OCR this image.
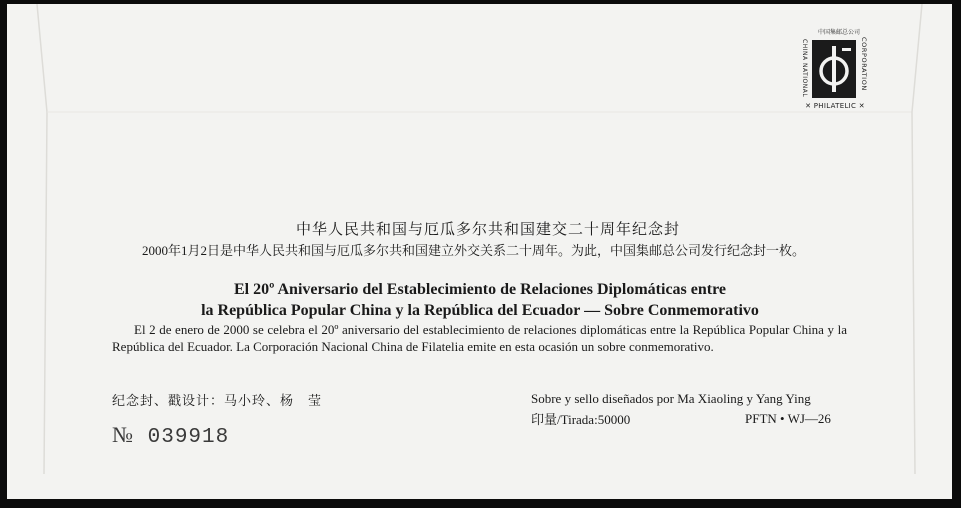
中国集邮总公司
CHINA NATIONAL	CORPORATION
✕ PHILATELIC ✕
中华人民共和国与厄瓜多尔共和国建交二十周年纪念封
2000年1月2日是中华人民共和国与厄瓜多尔共和国建立外交关系二十周年。为此，中国集邮总公司发行纪念封一枚。
El 20º Aniversario del Establecimiento de Relaciones Diplomáticas entre
la República Popular China y la República del Ecuador — Sobre Conmemorativo
El 2 de enero de 2000 se celebra el 20º aniversario del establecimiento de relaciones diplomáticas entre la República Popular China y la República del Ecuador. La Corporación Nacional China de Filatelia emite en esta ocasión un sobre conmemorativo.
纪念封、戳设计：马小玲、杨　莹	Sobre y sello diseñados por Ma Xiaoling y Yang Ying
印量/Tirada:50000	PFTN • WJ—26
№ 039918
